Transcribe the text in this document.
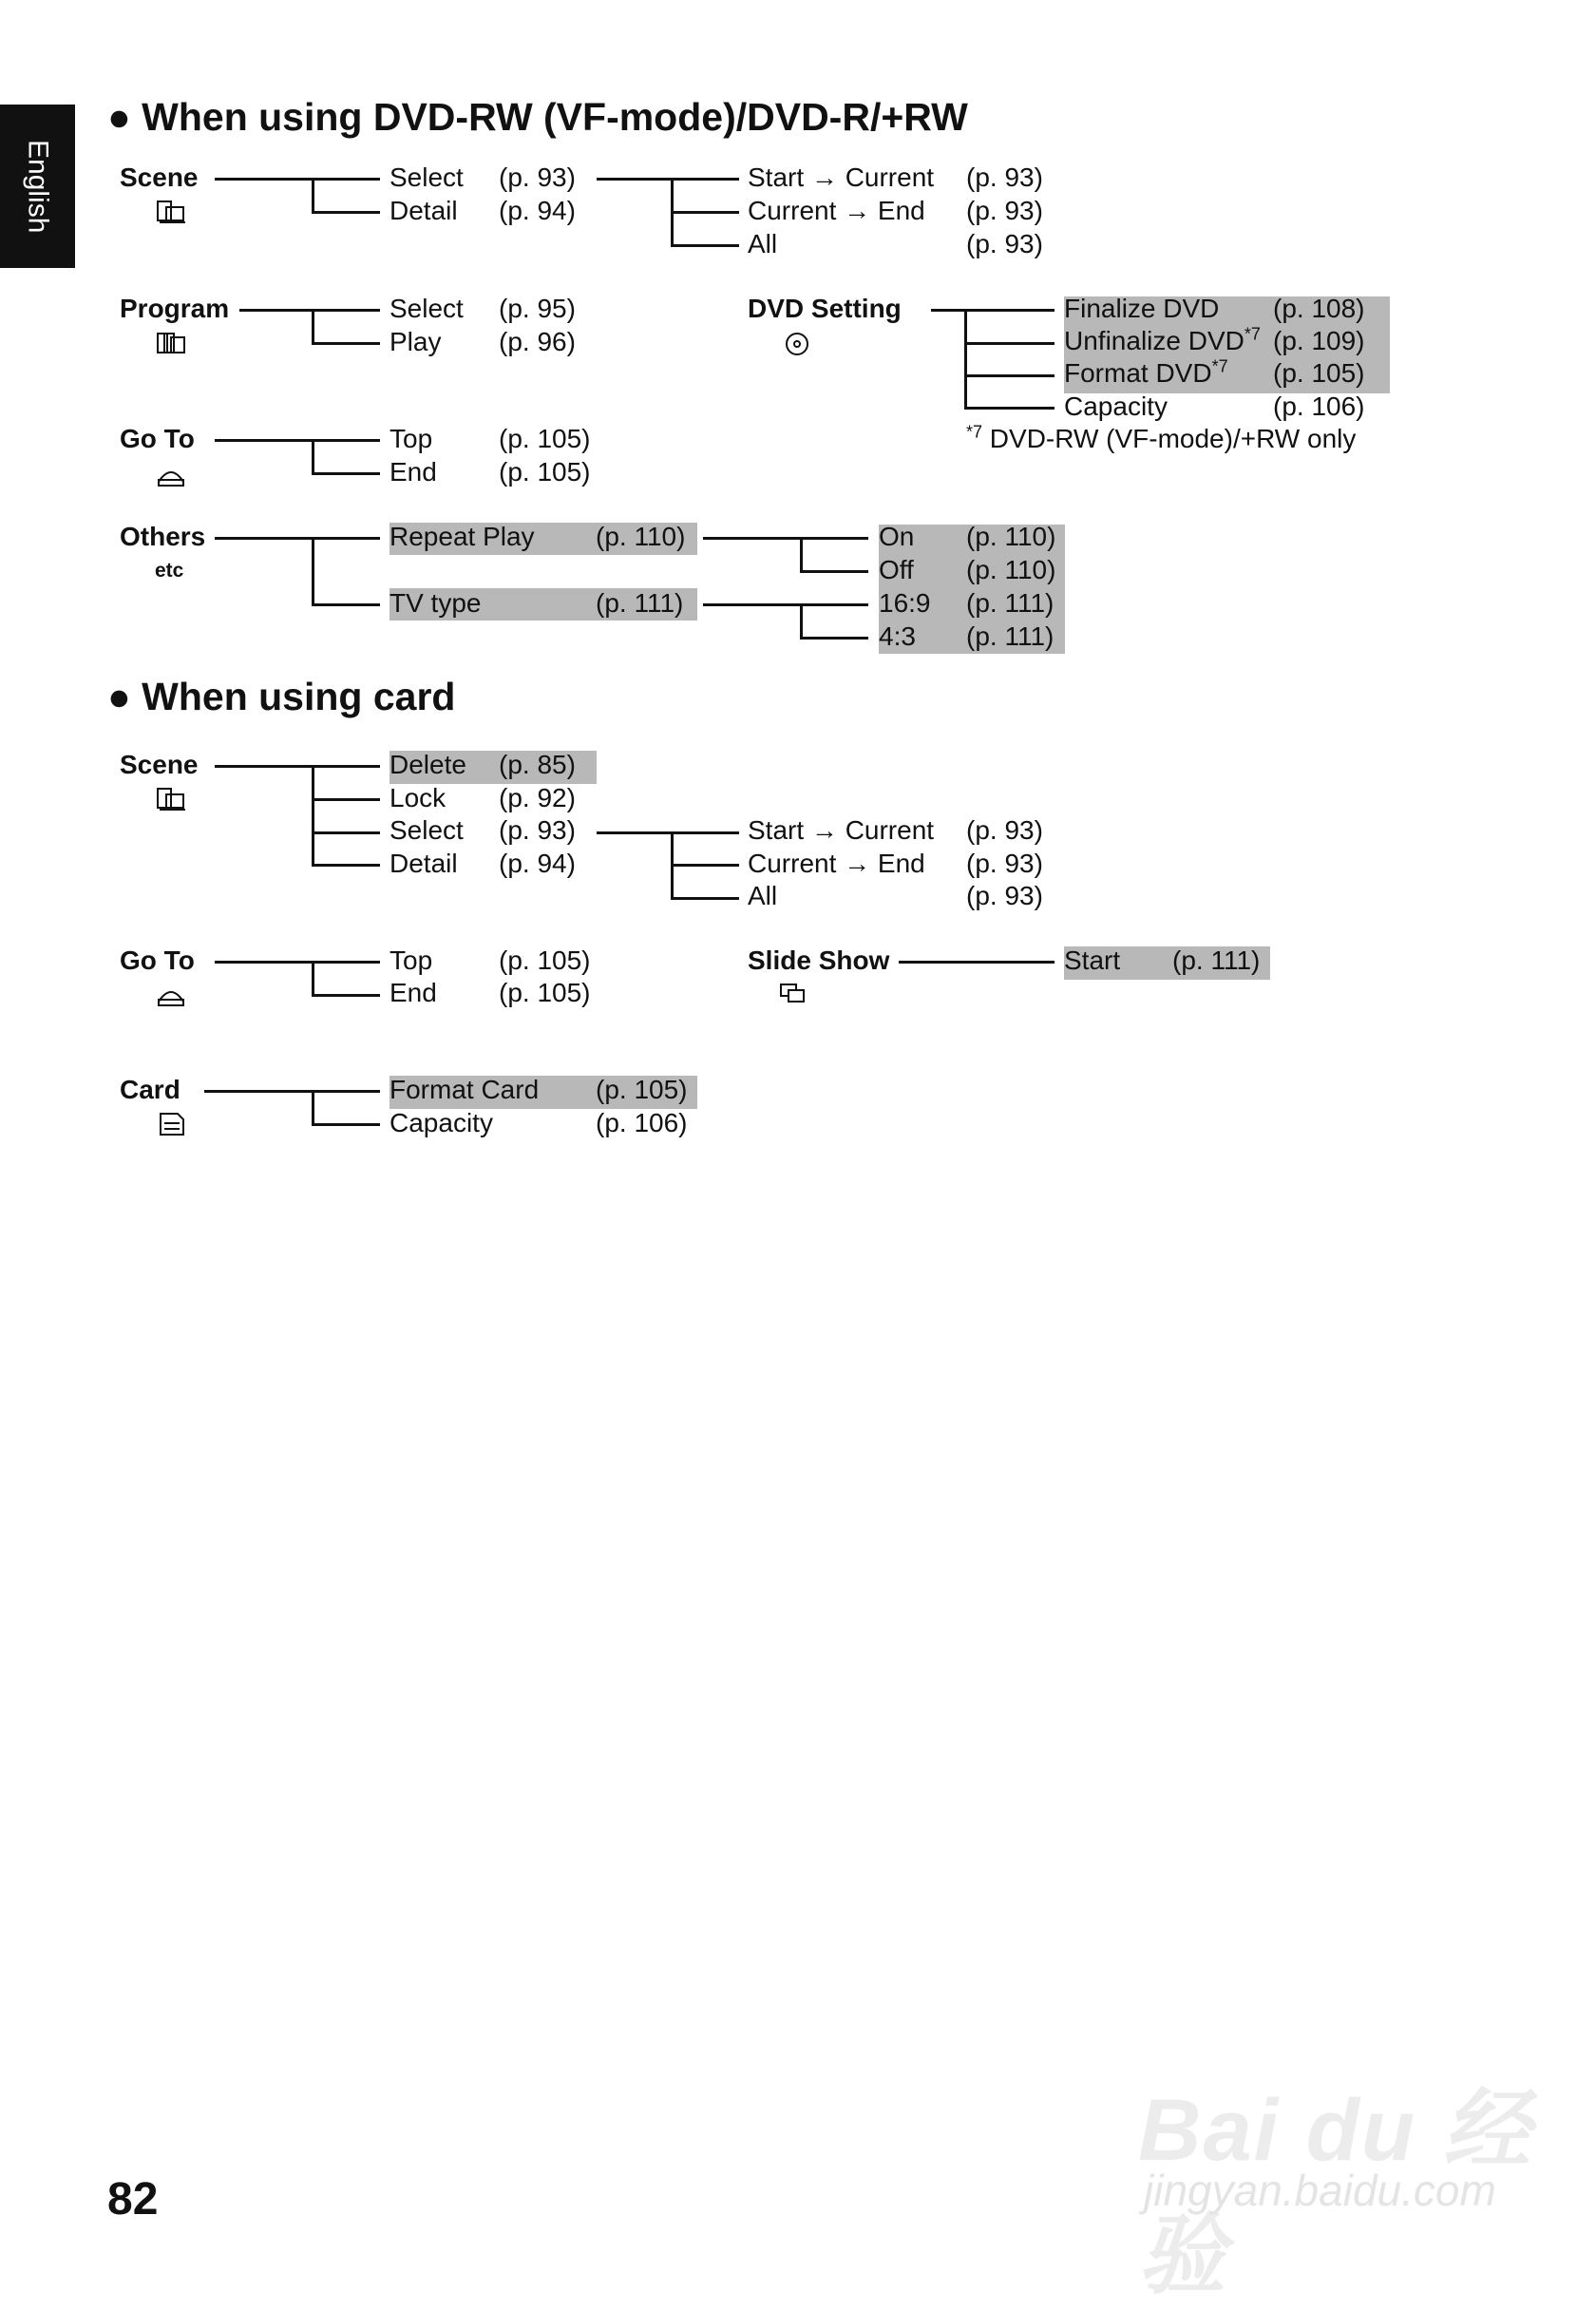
English
● When using DVD-RW (VF-mode)/DVD-R/+RW
Scene	Select (p. 93)
Detail (p. 94)
Start → Current (p. 93)
Current → End (p. 93)
All	(p. 93)
Program	Select (p. 95)
Play (p. 96)
DVD Setting	Finalize DVD (p. 108)
Unfinalize DVD$^{*7}$ (p. 109)
Format DVD$^{*7}$ (p. 105)
Capacity	(p. 106)
$^{*7}$ DVD-RW (VF-mode)/+RW only
Go To	Top (p. 105)
End (p. 105)
Others
etc
Repeat Play (p. 110)
TV type	(p. 111)
On (p. 110)
Off (p. 110)
16:9 (p. 111)
4:3 (p. 111)
● When using card
Scene	Delete (p. 85)
Lock (p. 92)
Select (p. 93)
Detail (p. 94)
Start → Current (p. 93)
Current → End (p. 93)
All	(p. 93)
Go To	Top (p. 105)
End (p. 105)
Slide Show	Start (p. 111)
Card	Format Card (p. 105)
Capacity	(p. 106)
82
Bai du 经验
jingyan.baidu.com
